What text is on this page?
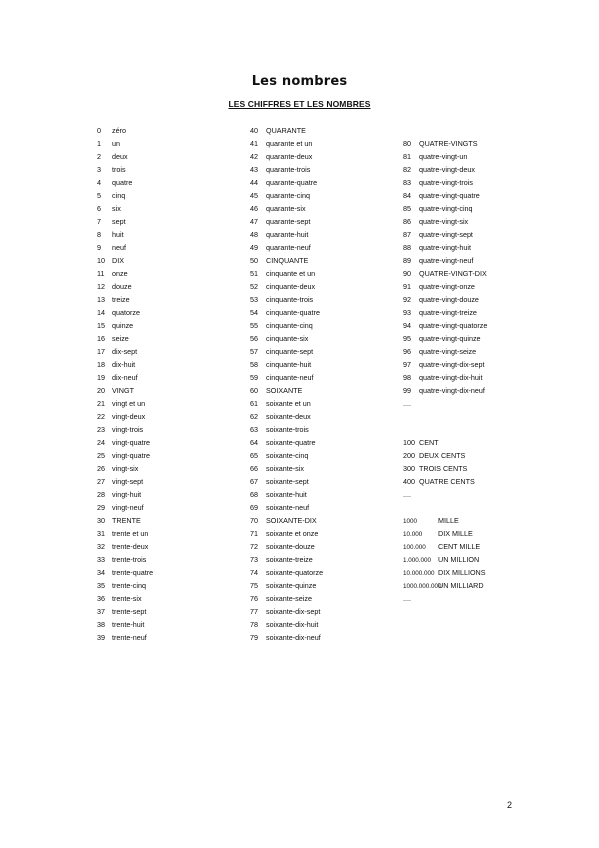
Les nombres
LES CHIFFRES ET LES NOMBRES
0 zéro
1 un
2 deux
3 trois
4 quatre
5 cinq
6 six
7 sept
8 huit
9 neuf
10 DIX
11 onze
12 douze
13 treize
14 quatorze
15 quinze
16 seize
17 dix-sept
18 dix-huit
19 dix-neuf
20 VINGT
21 vingt et un
22 vingt-deux
23 vingt-trois
24 vingt-quatre
25 vingt-quatre
26 vingt-six
27 vingt-sept
28 vingt-huit
29 vingt-neuf
30 TRENTE
31 trente et un
32 trente-deux
33 trente-trois
34 trente-quatre
35 trente-cinq
36 trente-six
37 trente-sept
38 trente-huit
39 trente-neuf
40 QUARANTE
41 quarante et un
42 quarante-deux
43 quarante-trois
44 quarante-quatre
45 quarante-cinq
46 quarante-six
47 quarante-sept
48 quarante-huit
49 quarante-neuf
50 CINQUANTE
51 cinquante et un
52 cinquante-deux
53 cinquante-trois
54 cinquante-quatre
55 cinquante-cinq
56 cinquante-six
57 cinquante-sept
58 cinquante-huit
59 cinquante-neuf
60 SOIXANTE
61 soixante et un
62 soixante-deux
63 soixante-trois
64 soixante-quatre
65 soixante-cinq
66 soixante-six
67 soixante-sept
68 soixante-huit
69 soixante-neuf
70 SOIXANTE-DIX
71 soixante et onze
72 soixante-douze
73 soixante-treize
74 soixante-quatorze
75 soixante-quinze
76 soixante-seize
77 soixante-dix-sept
78 soixante-dix-huit
79 soixante-dix-neuf
80 QUATRE-VINGTS
81 quatre-vingt-un
82 quatre-vingt-deux
83 quatre-vingt-trois
84 quatre-vingt-quatre
85 quatre-vingt-cinq
86 quatre-vingt-six
87 quatre-vingt-sept
88 quatre-vingt-huit
89 quatre-vingt-neuf
90 QUATRE-VINGT-DIX
91 quatre-vingt-onze
92 quatre-vingt-douze
93 quatre-vingt-treize
94 quatre-vingt-quatorze
95 quatre-vingt-quinze
96 quatre-vingt-seize
97 quatre-vingt-dix-sept
98 quatre-vingt-dix-huit
99 quatre-vingt-dix-neuf
....
100 CENT
200 DEUX CENTS
300 TROIS CENTS
400 QUATRE CENTS
....
1000	MILLE
10.000 DIX MILLE
100.000 CENT MILLE
1.000.000 UN MILLION
10.000.000 DIX MILLIONS
1000.000.000UN MILLIARD
....
2
